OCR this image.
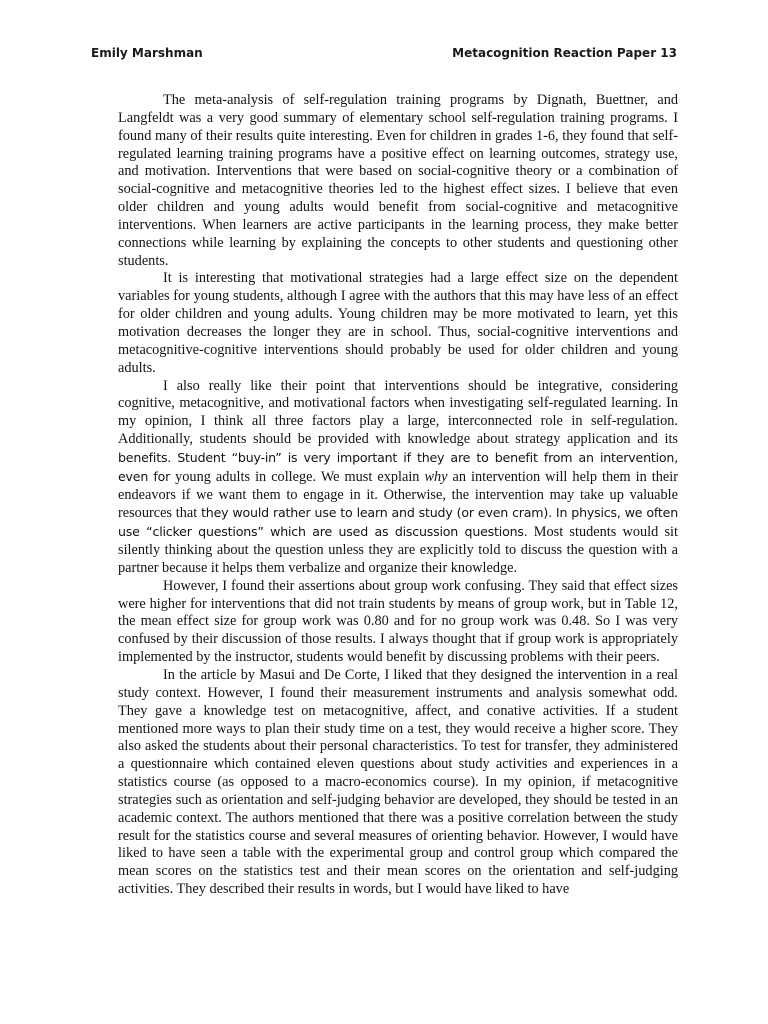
Emily Marshman	Metacognition Reaction Paper 13

The meta-analysis of self-regulation training programs by Dignath, Buettner, and Langfeldt was a very good summary of elementary school self-regulation training programs. I found many of their results quite interesting. Even for children in grades 1-6, they found that self-regulated learning training programs have a positive effect on learning outcomes, strategy use, and motivation. Interventions that were based on social-cognitive theory or a combination of social-cognitive and metacognitive theories led to the highest effect sizes. I believe that even older children and young adults would benefit from social-cognitive and metacognitive interventions. When learners are active participants in the learning process, they make better connections while learning by explaining the concepts to other students and questioning other students.

It is interesting that motivational strategies had a large effect size on the dependent variables for young students, although I agree with the authors that this may have less of an effect for older children and young adults. Young children may be more motivated to learn, yet this motivation decreases the longer they are in school. Thus, social-cognitive interventions and metacognitive-cognitive interventions should probably be used for older children and young adults.

I also really like their point that interventions should be integrative, considering cognitive, metacognitive, and motivational factors when investigating self-regulated learning. In my opinion, I think all three factors play a large, interconnected role in self-regulation. Additionally, students should be provided with knowledge about strategy application and its benefits. Student “buy-in” is very important if they are to benefit from an intervention, even for young adults in college. We must explain why an intervention will help them in their endeavors if we want them to engage in it. Otherwise, the intervention may take up valuable resources that they would rather use to learn and study (or even cram). In physics, we often use “clicker questions” which are used as discussion questions. Most students would sit silently thinking about the question unless they are explicitly told to discuss the question with a partner because it helps them verbalize and organize their knowledge.

However, I found their assertions about group work confusing. They said that effect sizes were higher for interventions that did not train students by means of group work, but in Table 12, the mean effect size for group work was 0.80 and for no group work was 0.48. So I was very confused by their discussion of those results. I always thought that if group work is appropriately implemented by the instructor, students would benefit by discussing problems with their peers.

In the article by Masui and De Corte, I liked that they designed the intervention in a real study context. However, I found their measurement instruments and analysis somewhat odd. They gave a knowledge test on metacognitive, affect, and conative activities. If a student mentioned more ways to plan their study time on a test, they would receive a higher score. They also asked the students about their personal characteristics. To test for transfer, they administered a questionnaire which contained eleven questions about study activities and experiences in a statistics course (as opposed to a macro-economics course). In my opinion, if metacognitive strategies such as orientation and self-judging behavior are developed, they should be tested in an academic context. The authors mentioned that there was a positive correlation between the study result for the statistics course and several measures of orienting behavior. However, I would have liked to have seen a table with the experimental group and control group which compared the mean scores on the statistics test and their mean scores on the orientation and self-judging activities. They described their results in words, but I would have liked to have
